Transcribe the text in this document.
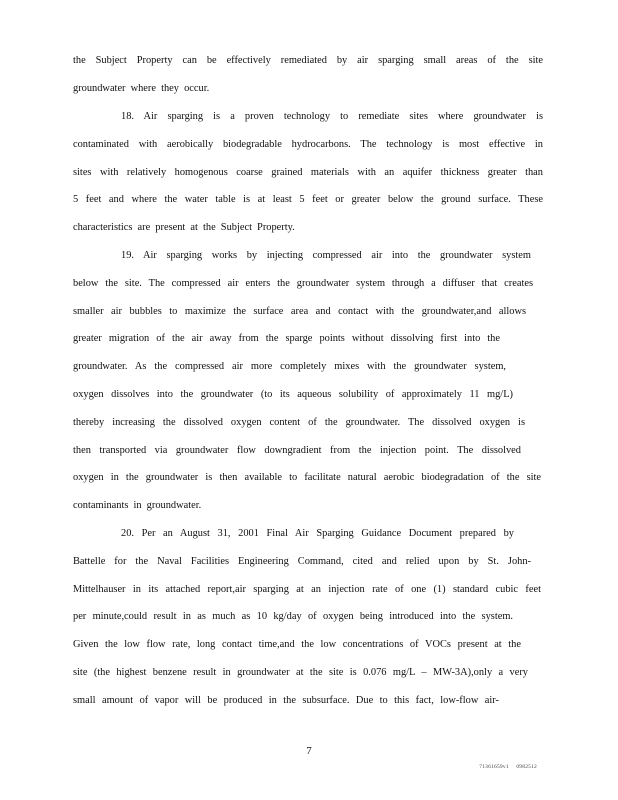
the Subject Property can be effectively remediated by air sparging small areas of the site
groundwater where they occur.
18. Air sparging is a proven technology to remediate sites where groundwater is
contaminated with aerobically biodegradable hydrocarbons. The technology is most effective in
sites with relatively homogenous coarse grained materials with an aquifer thickness greater than
5 feet and where the water table is at least 5 feet or greater below the ground surface. These
characteristics are present at the Subject Property.
19. Air sparging works by injecting compressed air into the groundwater system
below the site. The compressed air enters the groundwater system through a diffuser that creates
smaller air bubbles to maximize the surface area and contact with the groundwater,and allows
greater migration of the air away from the sparge points without dissolving first into the
groundwater. As the compressed air more completely mixes with the groundwater system,
oxygen dissolves into the groundwater (to its aqueous solubility of approximately 11 mg/L)
thereby increasing the dissolved oxygen content of the groundwater. The dissolved oxygen is
then transported via groundwater flow downgradient from the injection point. The dissolved
oxygen in the groundwater is then available to facilitate natural aerobic biodegradation of the site
contaminants in groundwater.
20. Per an August 31, 2001 Final Air Sparging Guidance Document prepared by
Battelle for the Naval Facilities Engineering Command, cited and relied upon by St. John-
Mittelhauser in its attached report,air sparging at an injection rate of one (1) standard cubic feet
per minute,could result in as much as 10 kg/day of oxygen being introduced into the system.
Given the low flow rate, long contact time,and the low concentrations of VOCs present at the
site (the highest benzene result in groundwater at the site is 0.076 mg/L – MW-3A),only a very
small amount of vapor will be produced in the subsurface. Due to this fact, low-flow air-
7
71361659v1 0982512
